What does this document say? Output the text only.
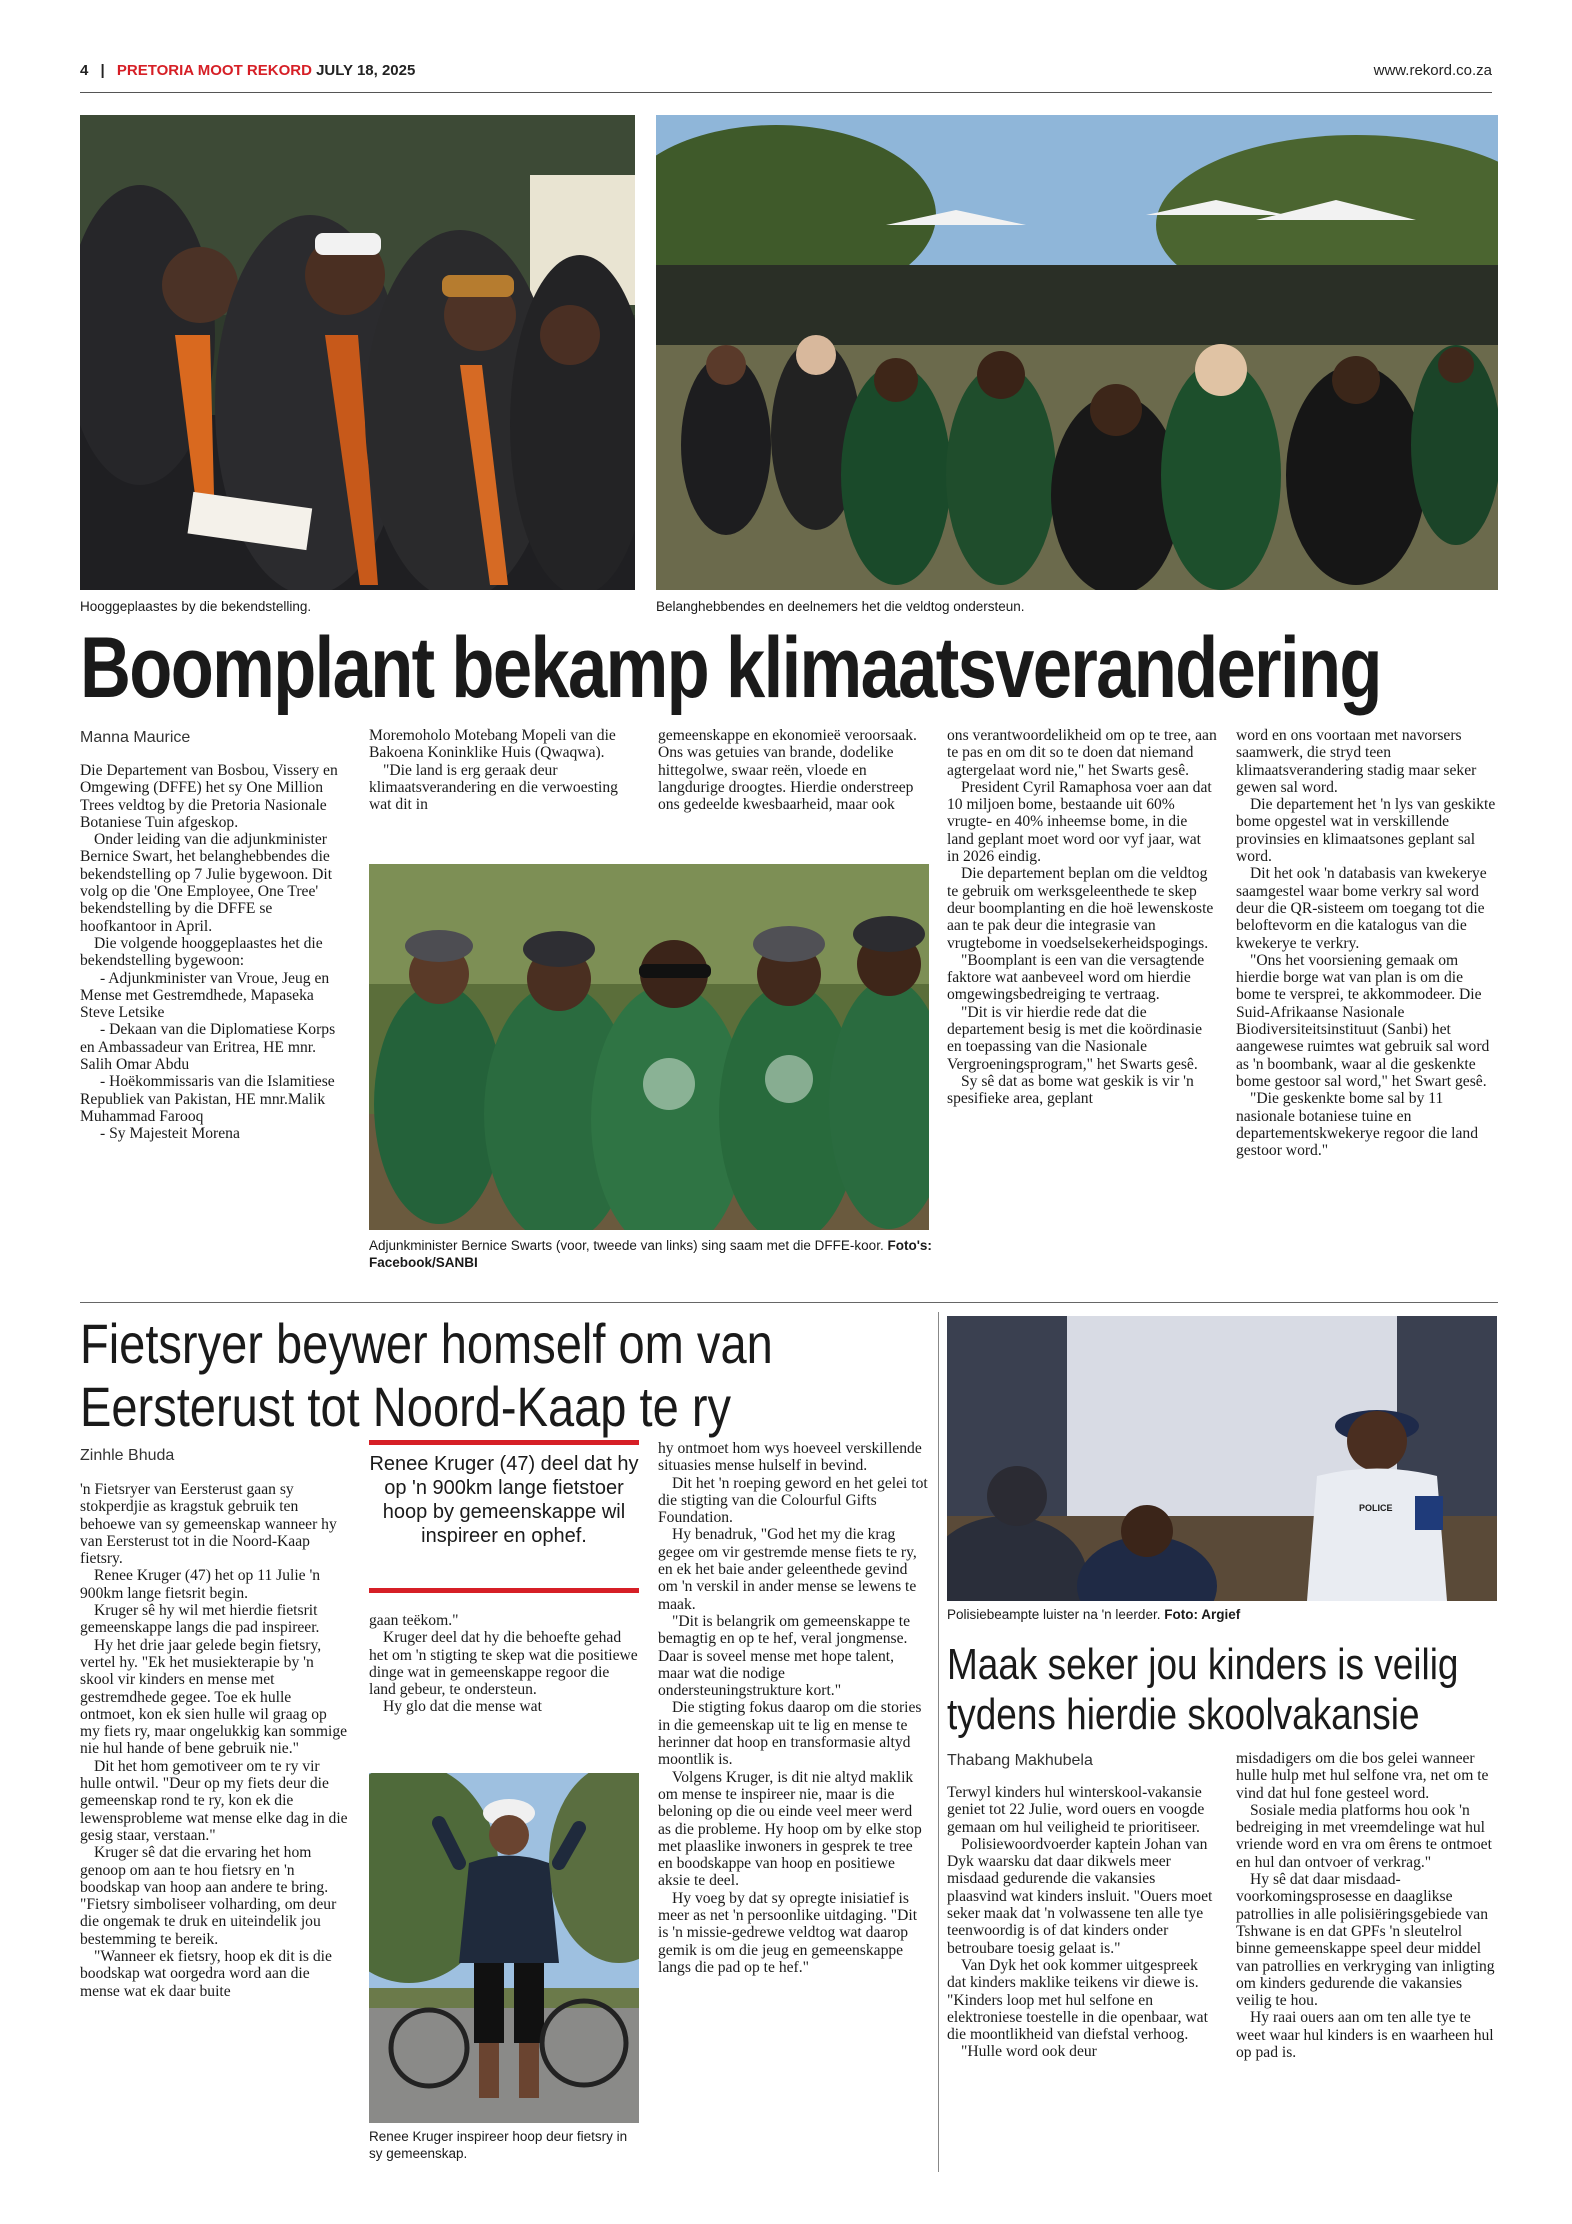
4 | PRETORIA MOOT REKORD JULY 18, 2025	www.rekord.co.za
Hooggeplaastes by die bekendstelling.	Belanghebbendes en deelnemers het die veldtog ondersteun.
Boomplant bekamp klimaatsverandering
Manna Maurice

Die Departement van Bosbou, Vissery en Omgewing (DFFE) het sy One Million Trees veldtog by die Pretoria Nasionale Botaniese Tuin afgeskop.

Onder leiding van die adjunkminister Bernice Swart, het belanghebbendes die bekendstelling op 7 Julie bygewoon. Dit volg op die 'One Employee, One Tree' bekendstelling by die DFFE se hoofkantoor in April.

Die volgende hooggeplaastes het die bekendstelling bygewoon:

- Adjunkminister van Vroue, Jeug en Mense met Gestremdhede, Mapaseka Steve Letsike

- Dekaan van die Diplomatiese Korps en Ambassadeur van Eritrea, HE mnr. Salih Omar Abdu

- Hoëkommissaris van die Islamitiese Republiek van Pakistan, HE mnr.Malik Muhammad Farooq

- Sy Majesteit Morena

Moremoholo Motebang Mopeli van die Bakoena Koninklike Huis (Qwaqwa).

"Die land is erg geraak deur klimaatsverandering en die verwoesting wat dit in

gemeenskappe en ekonomieë veroorsaak. Ons was getuies van brande, dodelike hittegolwe, swaar reën, vloede en langdurige droogtes. Hierdie onderstreep ons gedeelde kwesbaarheid, maar ook

Adjunkminister Bernice Swarts (voor, tweede van links) sing saam met die DFFE-koor. Foto's: Facebook/SANBI

ons verantwoordelikheid om op te tree, aan te pas en om dit so te doen dat niemand agtergelaat word nie," het Swarts gesê.

President Cyril Ramaphosa voer aan dat 10 miljoen bome, bestaande uit 60% vrugte- en 40% inheemse bome, in die land geplant moet word oor vyf jaar, wat in 2026 eindig.

Die departement beplan om die veldtog te gebruik om werksgeleenthede te skep deur boomplanting en die hoë lewenskoste aan te pak deur die integrasie van vrugtebome in voedselsekerheidspogings.

"Boomplant is een van die versagtende faktore wat aanbeveel word om hierdie omgewingsbedreiging te vertraag.

"Dit is vir hierdie rede dat die departement besig is met die koördinasie en toepassing van die Nasionale Vergroeningsprogram," het Swarts gesê.

Sy sê dat as bome wat geskik is vir 'n spesifieke area, geplant

word en ons voortaan met navorsers saamwerk, die stryd teen klimaatsverandering stadig maar seker gewen sal word.

Die departement het 'n lys van geskikte bome opgestel wat in verskillende provinsies en klimaatsones geplant sal word.

Dit het ook 'n databasis van kwekerye saamgestel waar bome verkry sal word deur die QR-sisteem om toegang tot die beloftevorm en die katalogus van die kwekerye te verkry.

"Ons het voorsiening gemaak om hierdie borge wat van plan is om die bome te versprei, te akkommodeer. Die Suid-Afrikaanse Nasionale Biodiversiteitsinstituut (Sanbi) het aangewese ruimtes wat gebruik sal word as 'n boombank, waar al die geskenkte bome gestoor sal word," het Swart gesê.

"Die geskenkte bome sal by 11 nasionale botaniese tuine en departementskwekerye regoor die land gestoor word."

Fietsryer beywer homself om van
Eersterust tot Noord-Kaap te ry
Zinhle Bhuda

'n Fietsryer van Eersterust gaan sy stokperdjie as kragstuk gebruik ten behoewe van sy gemeenskap wanneer hy van Eersterust tot in die Noord-Kaap fietsry.

Renee Kruger (47) het op 11 Julie 'n 900km lange fietsrit begin.

Kruger sê hy wil met hierdie fietsrit gemeenskappe langs die pad inspireer.

Hy het drie jaar gelede begin fietsry, vertel hy. "Ek het musiekterapie by 'n skool vir kinders en mense met gestremdhede gegee. Toe ek hulle ontmoet, kon ek sien hulle wil graag op my fiets ry, maar ongelukkig kan sommige nie hul hande of bene gebruik nie."

Dit het hom gemotiveer om te ry vir hulle ontwil. "Deur op my fiets deur die gemeenskap rond te ry, kon ek die lewensprobleme wat mense elke dag in die gesig staar, verstaan."

Kruger sê dat die ervaring het hom genoop om aan te hou fietsry en 'n boodskap van hoop aan andere te bring. "Fietsry simboliseer volharding, om deur die ongemak te druk en uiteindelik jou bestemming te bereik.

"Wanneer ek fietsry, hoop ek dit is die boodskap wat oorgedra word aan die mense wat ek daar buite

Renee Kruger (47) deel dat hy op 'n 900km lange fietstoer hoop by gemeenskappe wil inspireer en ophef.

gaan teëkom."

Kruger deel dat hy die behoefte gehad het om 'n stigting te skep wat die positiewe dinge wat in gemeenskappe regoor die land gebeur, te ondersteun.

Hy glo dat die mense wat

Renee Kruger inspireer hoop deur fietsry in sy gemeenskap.

hy ontmoet hom wys hoeveel verskillende situasies mense hulself in bevind.

Dit het 'n roeping geword en het gelei tot die stigting van die Colourful Gifts Foundation.

Hy benadruk, "God het my die krag gegee om vir gestremde mense fiets te ry, en ek het baie ander geleenthede gevind om 'n verskil in ander mense se lewens te maak.

"Dit is belangrik om gemeenskappe te bemagtig en op te hef, veral jongmense. Daar is soveel mense met hope talent, maar wat die nodige ondersteuningstrukture kort."

Die stigting fokus daarop om die stories in die gemeenskap uit te lig en mense te herinner dat hoop en transformasie altyd moontlik is.

Volgens Kruger, is dit nie altyd maklik om mense te inspireer nie, maar is die beloning op die ou einde veel meer werd as die probleme. Hy hoop om by elke stop met plaaslike inwoners in gesprek te tree en boodskappe van hoop en positiewe aksie te deel.

Hy voeg by dat sy opregte inisiatief is meer as net 'n persoonlike uitdaging. "Dit is 'n missie-gedrewe veldtog wat daarop gemik is om die jeug en gemeenskappe langs die pad op te hef."

POLICE
Polisiebeampte luister na 'n leerder. Foto: Argief
Maak seker jou kinders is veilig
tydens hierdie skoolvakansie
Thabang Makhubela

Terwyl kinders hul winterskool-vakansie geniet tot 22 Julie, word ouers en voogde gemaan om hul veiligheid te prioritiseer.

Polisiewoordvoerder kaptein Johan van Dyk waarsku dat daar dikwels meer misdaad gedurende die vakansies plaasvind wat kinders insluit. "Ouers moet seker maak dat 'n volwassene ten alle tye teenwoordig is of dat kinders onder betroubare toesig gelaat is."

Van Dyk het ook kommer uitgespreek dat kinders maklike teikens vir diewe is. "Kinders loop met hul selfone en elektroniese toestelle in die openbaar, wat die moontlikheid van diefstal verhoog.

"Hulle word ook deur

misdadigers om die bos gelei wanneer hulle hulp met hul selfone vra, net om te vind dat hul fone gesteel word.

Sosiale media platforms hou ook 'n bedreiging in met vreemdelinge wat hul vriende word en vra om êrens te ontmoet en hul dan ontvoer of verkrag."

Hy sê dat daar misdaad-voorkomingsprosesse en daaglikse patrollies in alle polisiëringsgebiede van Tshwane is en dat GPFs 'n sleutelrol binne gemeenskappe speel deur middel van patrollies en verkryging van inligting om kinders gedurende die vakansies veilig te hou.

Hy raai ouers aan om ten alle tye te weet waar hul kinders is en waarheen hul op pad is.
